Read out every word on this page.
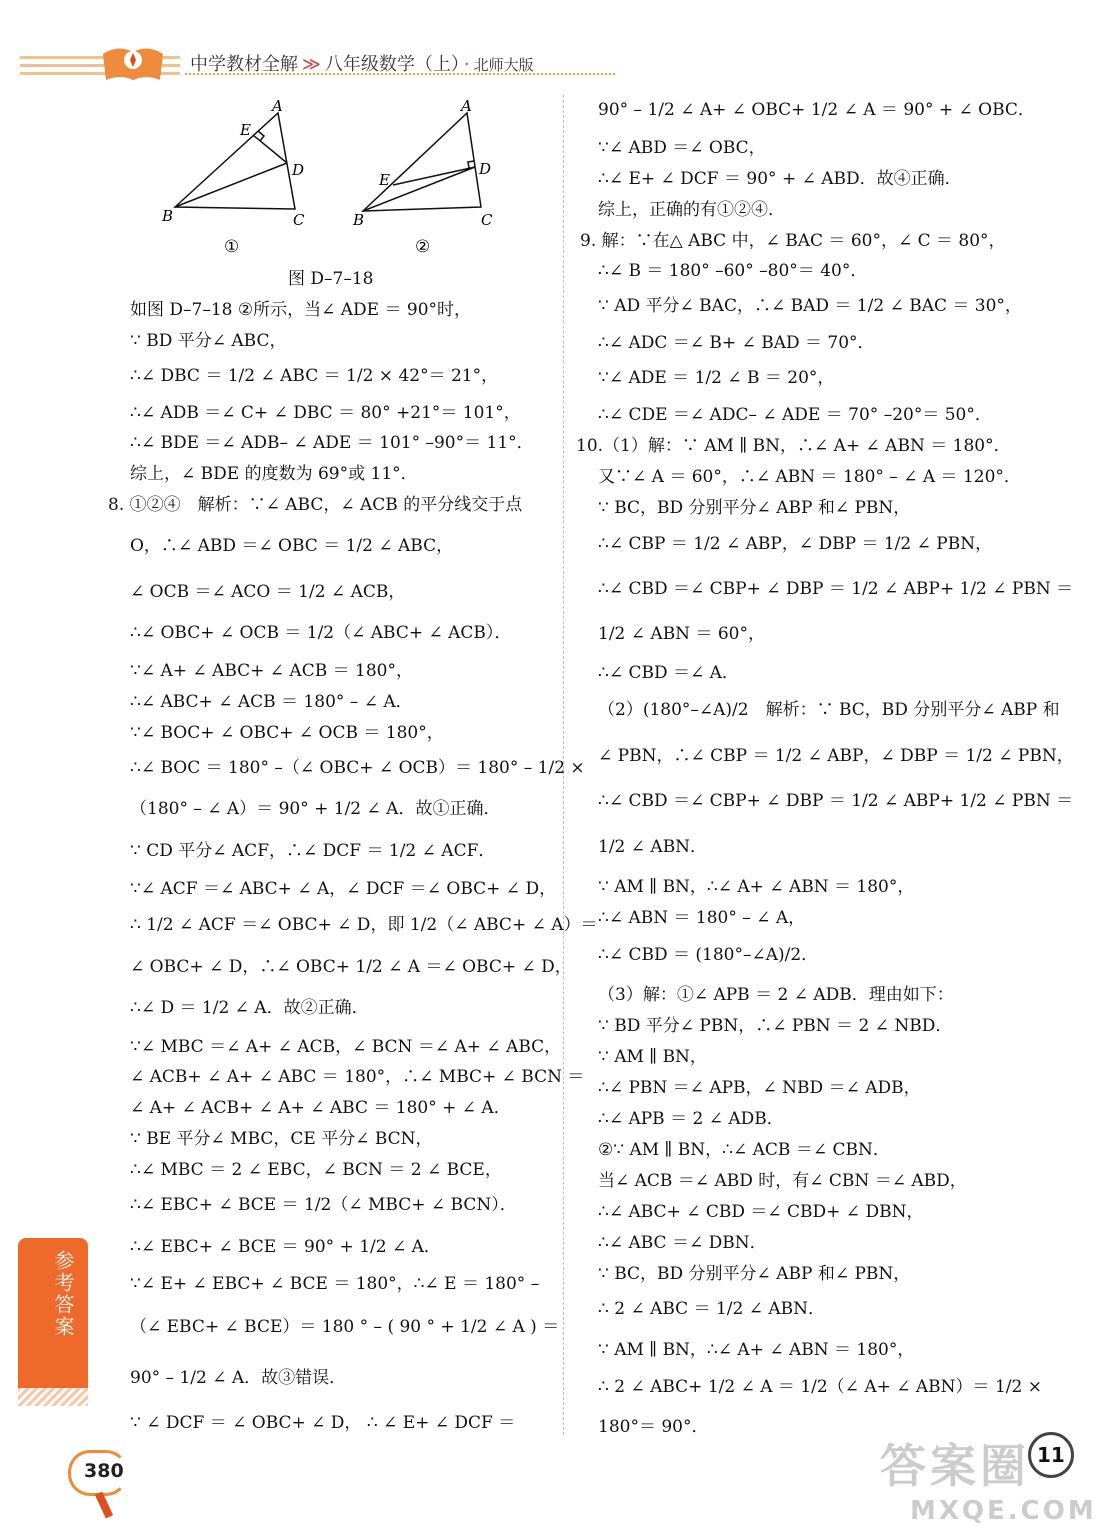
中学教材全解 ≫ 八年级数学（上） · 北师大版
A
E
D
B	C
①
A
E
D
B	C
②
图 D–7–18
如图 D–7–18 ②所示，当∠ ADE ＝ 90°时，
∵ BD 平分∠ ABC，
∴∠ DBC ＝ 1/2 ∠ ABC ＝ 1/2 × 42°＝ 21°，
∴∠ ADB ＝∠ C+ ∠ DBC ＝ 80° +21°＝ 101°，
∴∠ BDE ＝∠ ADB– ∠ ADE ＝ 101° –90°＝ 11°．
综上，∠ BDE 的度数为 69°或 11°．
8. ①②④　解析：∵∠ ABC，∠ ACB 的平分线交于点
O，∴∠ ABD ＝∠ OBC ＝ 1/2 ∠ ABC，
∠ OCB ＝∠ ACO ＝ 1/2 ∠ ACB，
∴∠ OBC+ ∠ OCB ＝ 1/2（∠ ABC+ ∠ ACB）．
∵∠ A+ ∠ ABC+ ∠ ACB ＝ 180°，
∴∠ ABC+ ∠ ACB ＝ 180° – ∠ A．
∵∠ BOC+ ∠ OBC+ ∠ OCB ＝ 180°，
∴∠ BOC ＝ 180° –（∠ OBC+ ∠ OCB）＝ 180° – 1/2 ×
（180° – ∠ A）＝ 90° + 1/2 ∠ A．故①正确．
∵ CD 平分∠ ACF，∴∠ DCF ＝ 1/2 ∠ ACF．
∵∠ ACF ＝∠ ABC+ ∠ A，∠ DCF ＝∠ OBC+ ∠ D，
∴ 1/2 ∠ ACF ＝∠ OBC+ ∠ D，即 1/2（∠ ABC+ ∠ A）＝
∠ OBC+ ∠ D，∴∠ OBC+ 1/2 ∠ A ＝∠ OBC+ ∠ D，
∴∠ D ＝ 1/2 ∠ A．故②正确．
∵∠ MBC ＝∠ A+ ∠ ACB，∠ BCN ＝∠ A+ ∠ ABC，
∠ ACB+ ∠ A+ ∠ ABC ＝ 180°，∴∠ MBC+ ∠ BCN ＝
∠ A+ ∠ ACB+ ∠ A+ ∠ ABC ＝ 180° + ∠ A．
∵ BE 平分∠ MBC，CE 平分∠ BCN，
∴∠ MBC ＝ 2 ∠ EBC，∠ BCN ＝ 2 ∠ BCE，
∴∠ EBC+ ∠ BCE ＝ 1/2（∠ MBC+ ∠ BCN）．
∴∠ EBC+ ∠ BCE ＝ 90° + 1/2 ∠ A．
∵∠ E+ ∠ EBC+ ∠ BCE ＝ 180°，∴∠ E ＝ 180° –
（∠ EBC+ ∠ BCE）＝ 180 ° – ( 90 ° + 1/2 ∠ A ) ＝
90° – 1/2 ∠ A．故③错误．
∵ ∠ DCF ＝ ∠ OBC+ ∠ D， ∴ ∠ E+ ∠ DCF ＝
90° – 1/2 ∠ A+ ∠ OBC+ 1/2 ∠ A ＝ 90° + ∠ OBC．
∵∠ ABD ＝∠ OBC，
∴∠ E+ ∠ DCF ＝ 90° + ∠ ABD．故④正确．
综上，正确的有①②④．
9. 解：∵在△ ABC 中，∠ BAC ＝ 60°，∠ C ＝ 80°，
∴∠ B ＝ 180° –60° –80°＝ 40°．
∵ AD 平分∠ BAC，∴∠ BAD ＝ 1/2 ∠ BAC ＝ 30°，
∴∠ ADC ＝∠ B+ ∠ BAD ＝ 70°．
∵∠ ADE ＝ 1/2 ∠ B ＝ 20°，
∴∠ CDE ＝∠ ADC– ∠ ADE ＝ 70° –20°＝ 50°．
10.（1）解：∵ AM ∥ BN，∴∠ A+ ∠ ABN ＝ 180°．
又∵∠ A ＝ 60°，∴∠ ABN ＝ 180° – ∠ A ＝ 120°．
∵ BC，BD 分别平分∠ ABP 和∠ PBN，
∴∠ CBP ＝ 1/2 ∠ ABP，∠ DBP ＝ 1/2 ∠ PBN，
∴∠ CBD ＝∠ CBP+ ∠ DBP ＝ 1/2 ∠ ABP+ 1/2 ∠ PBN ＝
1/2 ∠ ABN ＝ 60°，
∴∠ CBD ＝∠ A．
（2）(180°–∠A)/2　解析：∵ BC，BD 分别平分∠ ABP 和
∠ PBN，∴∠ CBP ＝ 1/2 ∠ ABP，∠ DBP ＝ 1/2 ∠ PBN，
∴∠ CBD ＝∠ CBP+ ∠ DBP ＝ 1/2 ∠ ABP+ 1/2 ∠ PBN ＝
1/2 ∠ ABN．
∵ AM ∥ BN，∴∠ A+ ∠ ABN ＝ 180°，
∴∠ ABN ＝ 180° – ∠ A，
∴∠ CBD ＝ (180°–∠A)/2．
（3）解：①∠ APB ＝ 2 ∠ ADB．理由如下：
∵ BD 平分∠ PBN，∴∠ PBN ＝ 2 ∠ NBD．
∵ AM ∥ BN，
∴∠ PBN ＝∠ APB，∠ NBD ＝∠ ADB，
∴∠ APB ＝ 2 ∠ ADB．
②∵ AM ∥ BN，∴∠ ACB ＝∠ CBN．
当∠ ACB ＝∠ ABD 时，有∠ CBN ＝∠ ABD，
∴∠ ABC+ ∠ CBD ＝∠ CBD+ ∠ DBN，
∴∠ ABC ＝∠ DBN．
∵ BC，BD 分别平分∠ ABP 和∠ PBN，
∴ 2 ∠ ABC ＝ 1/2 ∠ ABN．
∵ AM ∥ BN，∴∠ A+ ∠ ABN ＝ 180°，
∴ 2 ∠ ABC+ 1/2 ∠ A ＝ 1/2（∠ A+ ∠ ABN）＝ 1/2 ×
180°＝ 90°．
参考答案
380
11
答案圈
MXQE.COM
